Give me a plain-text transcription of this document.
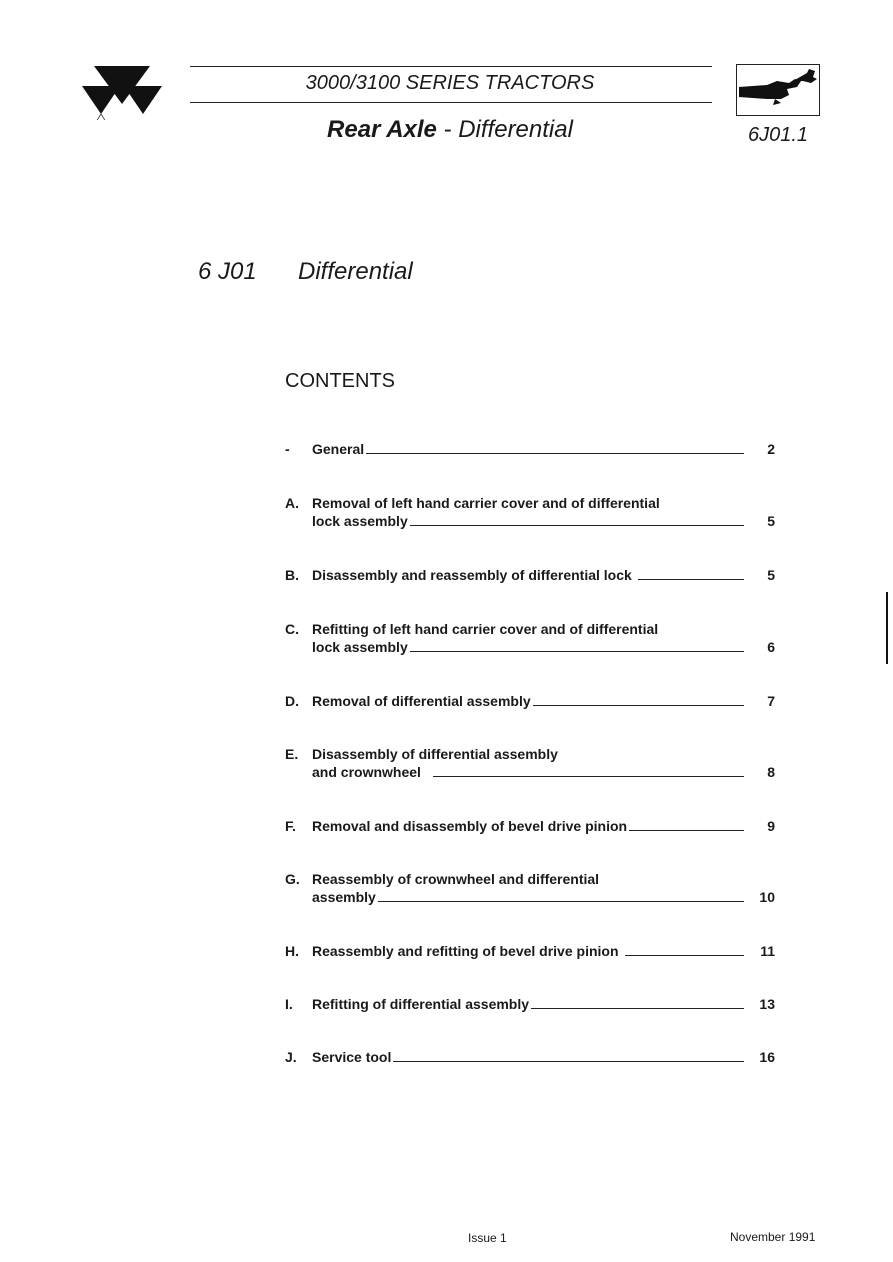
3000/3100 SERIES TRACTORS
Rear Axle - Differential	6J01.1
6 J01 Differential
CONTENTS
- General	2
A. Removal of left hand carrier cover and of differential
lock assembly	5
B. Disassembly and reassembly of differential lock	5
C. Refitting of left hand carrier cover and of differential
lock assembly	6
D. Removal of differential assembly	7
E. Disassembly of differential assembly
and crownwheel	8
F. Removal and disassembly of bevel drive pinion	9
G. Reassembly of crownwheel and differential
assembly	10
H. Reassembly and refitting of bevel drive pinion	11
I. Refitting of differential assembly	13
J. Service tool	16
Issue 1	November 1991
